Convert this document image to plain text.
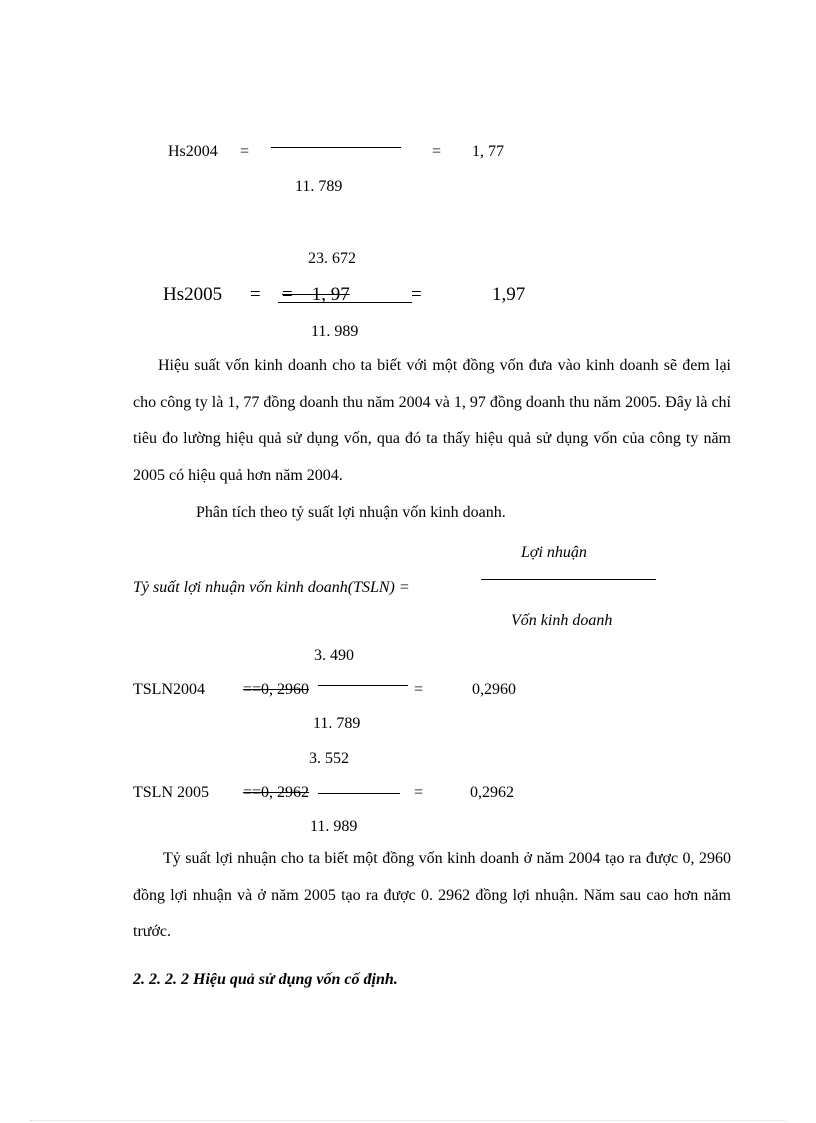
Hs2004 =	= 1, 77
11. 789
23. 672
Hs2005 = =    1, 97	=	1,97
11. 989
Hiệu suất vốn kinh doanh cho ta biết với một đồng vốn đưa vào kinh doanh sẽ đem lại cho công ty là 1, 77 đồng doanh thu năm 2004 và 1, 97 đồng doanh thu năm 2005. Đây là chỉ tiêu đo lường hiệu quả sử dụng vốn, qua đó ta thấy hiệu quả sử dụng vốn của công ty năm 2005 có hiệu quả hơn năm 2004.
Phân tích theo tỷ suất lợi nhuận vốn kinh doanh.
Lợi nhuận
Tỷ suất lợi nhuận vốn kinh doanh(TSLN) =
Vốn kinh doanh
3. 490
TSLN2004 ==0, 2960	=	0,2960
11. 789
3. 552
TSLN 2005 ==0, 2962	=	0,2962
11. 989
Tỷ suất lợi nhuận cho ta biết một đồng vốn kinh doanh ở năm 2004 tạo ra được 0, 2960 đồng lợi nhuận và ở năm 2005 tạo ra được 0. 2962 đồng lợi nhuận. Năm sau cao hơn năm trước.
2. 2. 2. 2 Hiệu quả sử dụng vốn cố định.
